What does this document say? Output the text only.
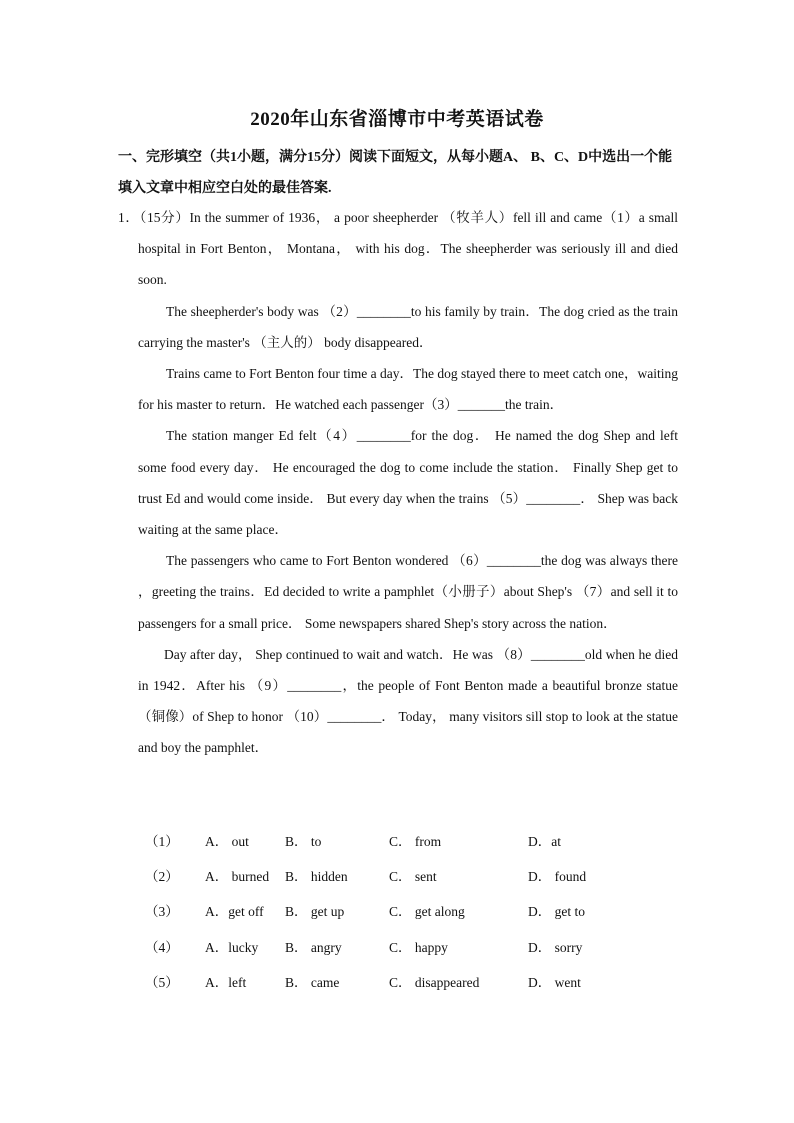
2020年山东省淄博市中考英语试卷
一、完形填空（共1小题，满分15分）阅读下面短文，从每小题A、 B、C、D中选出一个能填入文章中相应空白处的最佳答案.

1．（15分）In the summer of 1936， a poor sheepherder （牧羊人）fell ill and came（1）a small hospital in Fort Benton， Montana， with his dog．The sheepherder was seriously ill and died soon.

The sheepherder's body was （2）________to his family by train．The dog cried as the train carrying the master's （主人的） body disappeared．

Trains came to Fort Benton four time a day．The dog stayed there to meet catch one，waiting for his master to return．He watched each passenger（3）_______the train．

The station manger Ed felt（4）________for the dog． He named the dog Shep and left some food every day． He encouraged the dog to come include the station． Finally Shep get to trust Ed and would come inside． But every day when the trains （5）________． Shep was back waiting at the same place．

The passengers who came to Fort Benton wondered （6）________the dog was always there ，greeting the trains．Ed decided to write a pamphlet（小册子）about Shep's （7）and sell it to passengers for a small price． Some newspapers shared Shep's story across the nation．

Day after day， Shep continued to wait and watch．He was （8）________old when he died in 1942．After his （9）________，the people of Font Benton made a beautiful bronze statue （铜像）of Shep to honor （10）________． Today， many visitors sill stop to look at the statue and boy the pamphlet．

（1） A． out	B． to	C． from	D．at
（2） A． burned B． hidden	C． sent	D． found
（3） A．get off B． get up	C． get along	D． get to
（4） A．lucky B． angry	C． happy	D． sorry
（5） A．left	B． came	C． disappeared	D． went
